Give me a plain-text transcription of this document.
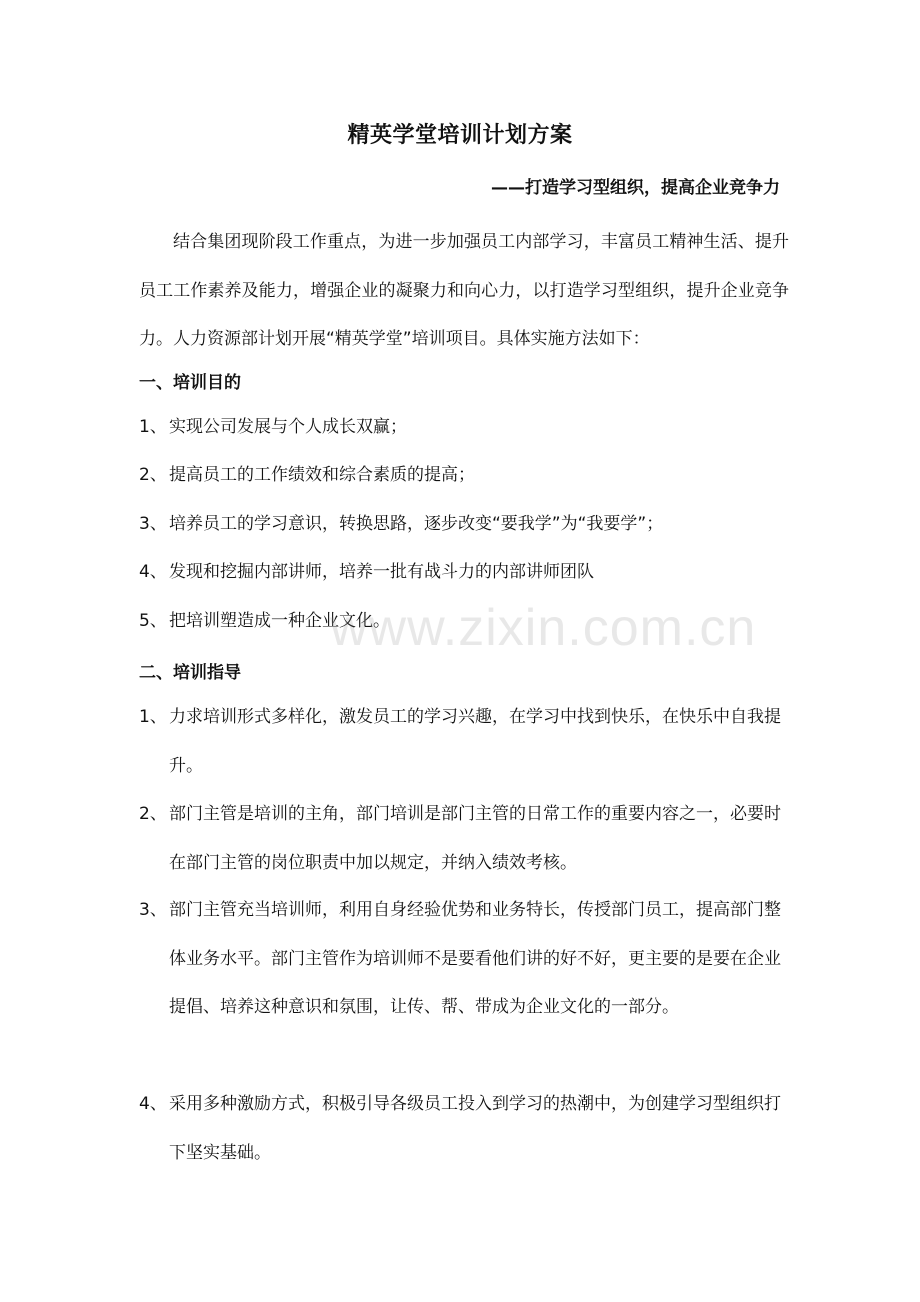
精英学堂培训计划方案

——打造学习型组织，提高企业竞争力

结合集团现阶段工作重点，为进一步加强员工内部学习，丰富员工精神生活、提升员工工作素养及能力，增强企业的凝聚力和向心力，以打造学习型组织，提升企业竞争力。人力资源部计划开展“精英学堂”培训项目。具体实施方法如下：

一、培训目的
1、 实现公司发展与个人成长双赢；
2、 提高员工的工作绩效和综合素质的提高；
3、 培养员工的学习意识，转换思路，逐步改变“要我学”为“我要学”；
4、 发现和挖掘内部讲师，培养一批有战斗力的内部讲师团队
5、 把培训塑造成一种企业文化。
二、培训指导
1、 力求培训形式多样化，激发员工的学习兴趣，在学习中找到快乐，在快乐中自我提升。
2、 部门主管是培训的主角，部门培训是部门主管的日常工作的重要内容之一，必要时在部门主管的岗位职责中加以规定，并纳入绩效考核。
3、 部门主管充当培训师，利用自身经验优势和业务特长，传授部门员工，提高部门整体业务水平。部门主管作为培训师不是要看他们讲的好不好，更主要的是要在企业提倡、培养这种意识和氛围，让传、帮、带成为企业文化的一部分。
4、 采用多种激励方式，积极引导各级员工投入到学习的热潮中，为创建学习型组织打下坚实基础。

www.zixin.com.cn
